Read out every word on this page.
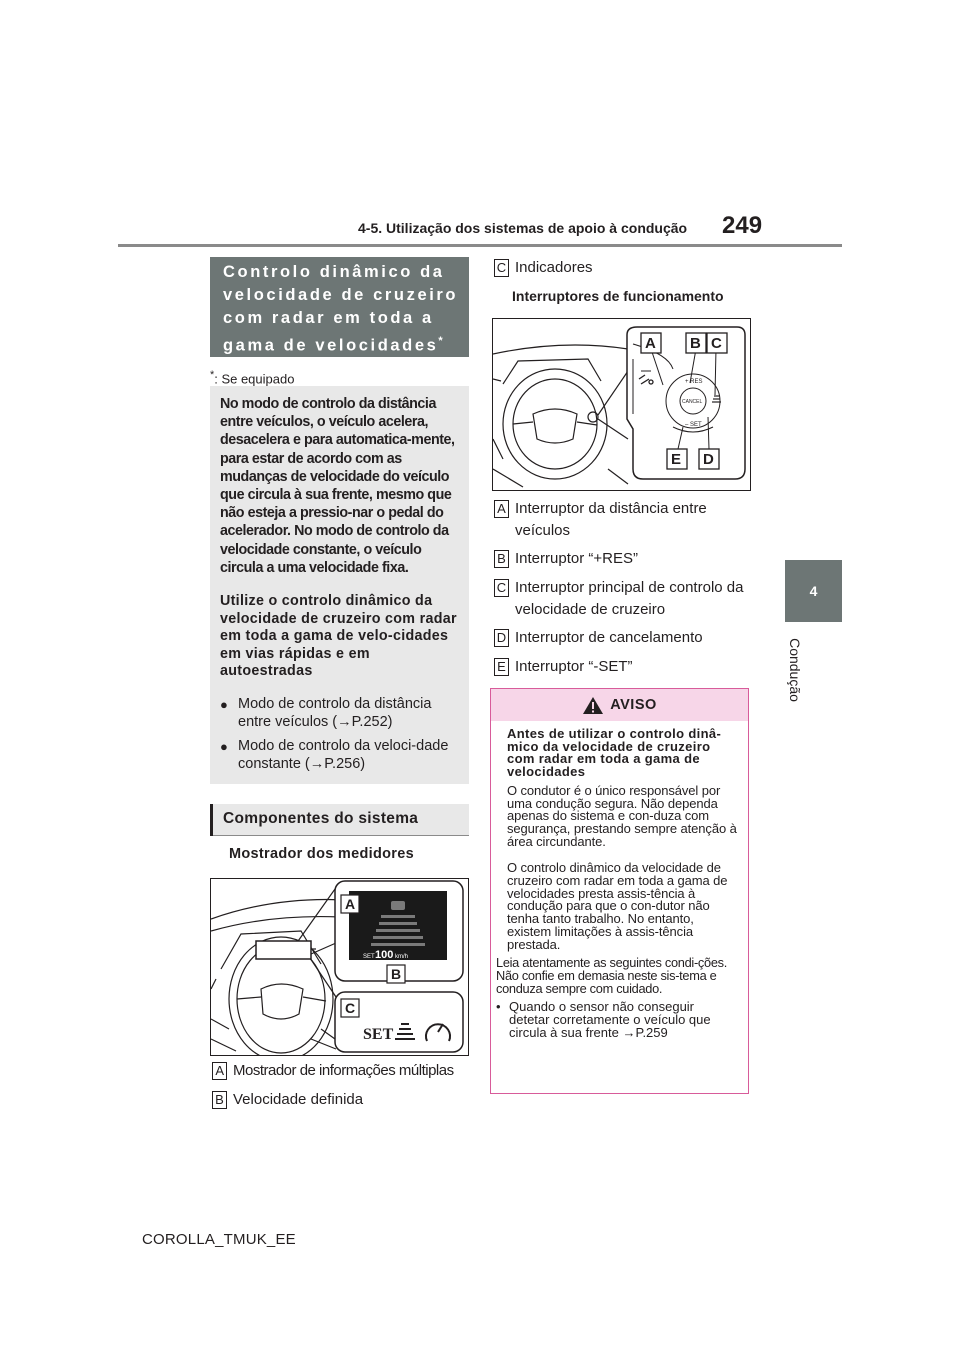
4-5. Utilização dos sistemas de apoio à condução 249
4
Condução
Controlo dinâmico da
velocidade de cruzeiro
com radar em toda a
gama de velocidades*
*: Se equipado
No modo de controlo da distância entre veículos, o veículo acelera, desacelera e para automatica-mente, para estar de acordo com as mudanças de velocidade do veículo que circula à sua frente, mesmo que não esteja a pressio-nar o pedal do acelerador. No modo de controlo da velocidade constante, o veículo circula a uma velocidade fixa.
Utilize o controlo dinâmico da velocidade de cruzeiro com radar em toda a gama de velo-cidades em vias rápidas e em autoestradas
● Modo de controlo da distância entre veículos (→P.252)
● Modo de controlo da veloci-dade constante (→P.256)
Componentes do sistema
Mostrador dos medidores
SET 100 km/h
A
B
C
SET
A Mostrador de informações múltiplas
B Velocidade definida
C Indicadores
Interruptores de funcionamento
+ RES
CANCEL
– SET
A B C
E D
A Interruptor da distância entre veículos
B Interruptor “+RES”
C Interruptor principal de controlo da velocidade de cruzeiro
D Interruptor de cancelamento
E Interruptor “-SET”
AVISO
Antes de utilizar o controlo dinâ-mico da velocidade de cruzeiro com radar em toda a gama de velocidades
O condutor é o único responsável por uma condução segura. Não dependa apenas do sistema e con-duza com segurança, prestando sempre atenção à área circundante.
O controlo dinâmico da velocidade de cruzeiro com radar em toda a gama de velocidades presta assis-tência à condução para que o con-dutor não tenha tanto trabalho. No entanto, existem limitações à assis-tência prestada.
Leia atentamente as seguintes condi-ções. Não confie em demasia neste sis-tema e conduza sempre com cuidado.
• Quando o sensor não conseguir detetar corretamente o veículo que circula à sua frente →P.259
COROLLA_TMUK_EE
